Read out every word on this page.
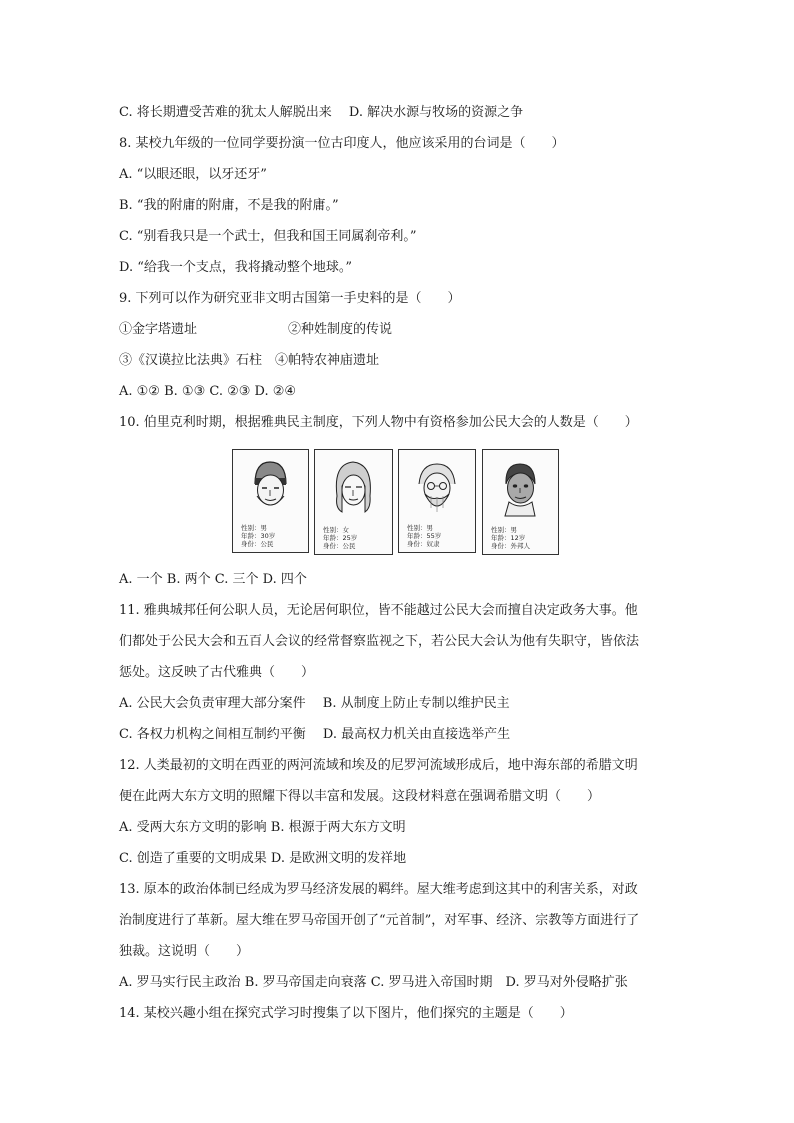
C. 将长期遭受苦难的犹太人解脱出来　 D. 解决水源与牧场的资源之争
8. 某校九年级的一位同学要扮演一位古印度人，他应该采用的台词是（　　）
A. “以眼还眼，以牙还牙”
B. “我的附庸的附庸，不是我的附庸。”
C. “别看我只是一个武士，但我和国王同属刹帝利。”
D. “给我一个支点，我将撬动整个地球。”
9. 下列可以作为研究亚非文明古国第一手史料的是（　　）
①金字塔遗址　　　　　　　②种姓制度的传说
③《汉谟拉比法典》石柱　④帕特农神庙遗址
A. ①② B. ①③ C. ②③ D. ②④
10. 伯里克利时期，根据雅典民主制度，下列人物中有资格参加公民大会的人数是（　　）
性别：男
年龄：30岁
身份：公民
性别：女
年龄：25岁
身份：公民
性别：男
年龄：55岁
身份：奴隶
性别：男
年龄：12岁
身份：外邦人
A. 一个 B. 两个 C. 三个 D. 四个
11. 雅典城邦任何公职人员，无论居何职位，皆不能越过公民大会而擅自决定政务大事。他
们都处于公民大会和五百人会议的经常督察监视之下，若公民大会认为他有失职守，皆依法
惩处。这反映了古代雅典（　　）
A. 公民大会负责审理大部分案件　 B. 从制度上防止专制以维护民主
C. 各权力机构之间相互制约平衡　 D. 最高权力机关由直接选举产生
12. 人类最初的文明在西亚的两河流域和埃及的尼罗河流域形成后，地中海东部的希腊文明
便在此两大东方文明的照耀下得以丰富和发展。这段材料意在强调希腊文明（　　）
A. 受两大东方文明的影响 B. 根源于两大东方文明
C. 创造了重要的文明成果 D. 是欧洲文明的发祥地
13. 原本的政治体制已经成为罗马经济发展的羁绊。屋大维考虑到这其中的利害关系，对政
治制度进行了革新。屋大维在罗马帝国开创了“元首制”，对军事、经济、宗教等方面进行了
独裁。这说明（　　）
A. 罗马实行民主政治 B. 罗马帝国走向衰落 C. 罗马进入帝国时期　D. 罗马对外侵略扩张
14. 某校兴趣小组在探究式学习时搜集了以下图片，他们探究的主题是（　　）
